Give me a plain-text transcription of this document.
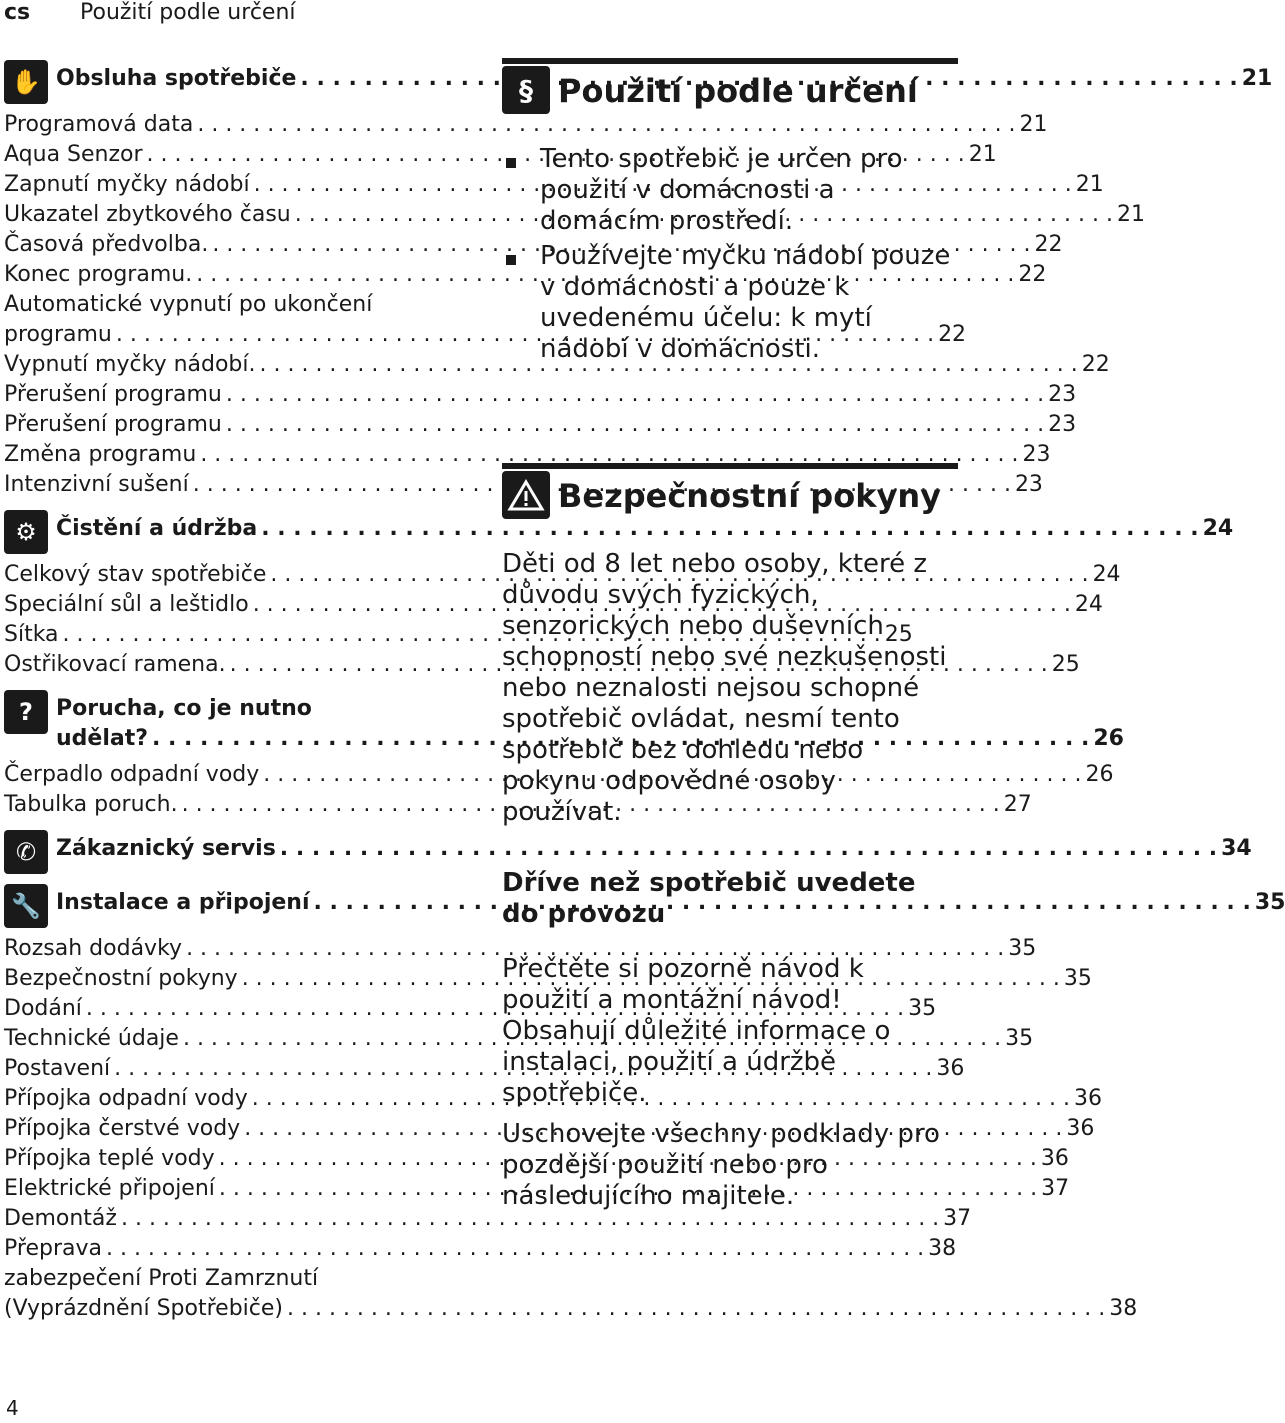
cs	Použití podle určení
✋ Obsluha spotřebiče . . .	21
Programová data . . .	21
Aqua Senzor . . .	21
Zapnutí myčky nádobí . . .	21
Ukazatel zbytkového času . . .	21
Časová předvolba. . . .	22
Konec programu. . . .	22
Automatické vypnutí po ukončení
programu . . .	22
Vypnutí myčky nádobí. . . .	22
Přerušení programu . . .	23
Přerušení programu . . .	23
Změna programu . . .	23
Intenzivní sušení . . .	23
⚙ Čistění a údržba . . .	24
Celkový stav spotřebiče . . .	24
Speciální sůl a leštidlo . . .	24
Sítka . . .	25
Ostřikovací ramena. . . .	25
?	Porucha, co je nutno
udělat? . . .	26
Čerpadlo odpadní vody . . .	26
Tabulka poruch. . . .	27
✆ Zákaznický servis . . .	34
🔧 Instalace a připojení . . .	35
Rozsah dodávky . . .	35
Bezpečnostní pokyny . . .	35
Dodání . . .	35
Technické údaje . . .	35
Postavení . . .	36
Přípojka odpadní vody . . .	36
Přípojka čerstvé vody . . .	36
Přípojka teplé vody . . .	36
Elektrické připojení . . .	37
Demontáž . . .	37
Přeprava . . .	38
zabezpečení Proti Zamrznutí
(Vyprázdnění Spotřebiče) . . .	38
§ Použití podle určení
Tento spotřebič je určen pro použití v domácnosti a domácím prostředí.
Používejte myčku nádobí pouze v domácnosti a pouze k uvedenému účelu: k mytí nádobí v domácnosti.
Bezpečnostní pokyny

Děti od 8 let nebo osoby, které z důvodu svých fyzických, senzorických nebo duševních schopností nebo své nezkušenosti nebo neznalosti nejsou schopné spotřebič ovládat, nesmí tento spotřebič bez dohledu nebo pokynu odpovědné osoby používat.

Dříve než spotřebič uvedete do provozu

Přečtěte si pozorně návod k použití a montážní návod! Obsahují důležité informace o instalaci, použití a údržbě spotřebiče.

Uschovejte všechny podklady pro pozdější použití nebo pro následujícího majitele.

4
